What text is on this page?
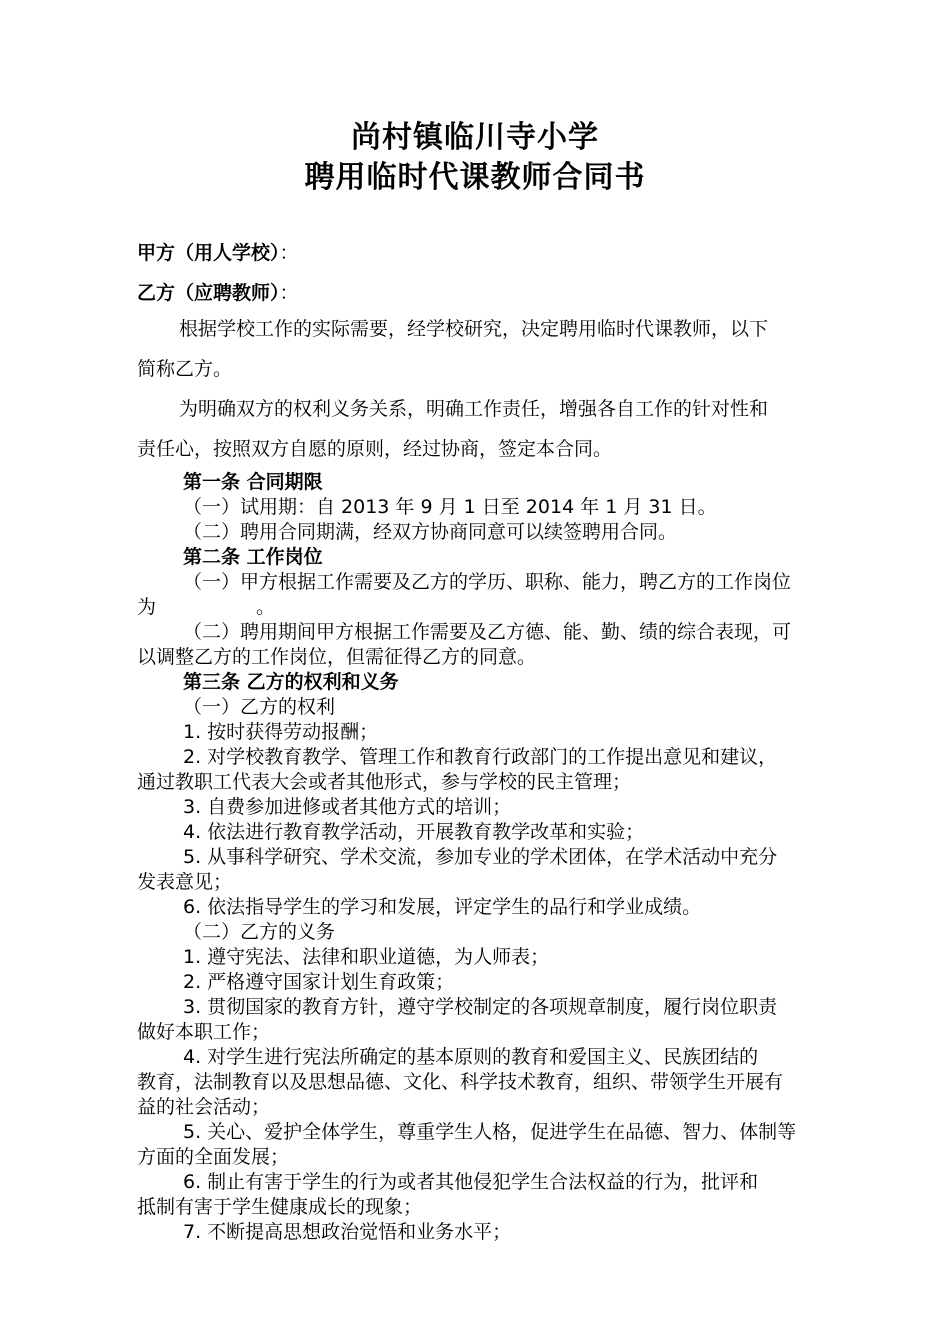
尚村镇临川寺小学
聘用临时代课教师合同书
甲方（用人学校）：
乙方（应聘教师）：
根据学校工作的实际需要，经学校研究，决定聘用临时代课教师，以下
简称乙方。
为明确双方的权利义务关系，明确工作责任，增强各自工作的针对性和
责任心，按照双方自愿的原则，经过协商，签定本合同。
第一条 合同期限
（一）试用期：自 2013 年 9 月 1 日至 2014 年 1 月 31 日。
（二）聘用合同期满，经双方协商同意可以续签聘用合同。
第二条 工作岗位
（一）甲方根据工作需要及乙方的学历、职称、能力，聘乙方的工作岗位
为	。
（二）聘用期间甲方根据工作需要及乙方德、能、勤、绩的综合表现，可
以调整乙方的工作岗位，但需征得乙方的同意。
第三条 乙方的权利和义务
（一）乙方的权利
1. 按时获得劳动报酬；
2. 对学校教育教学、管理工作和教育行政部门的工作提出意见和建议，
通过教职工代表大会或者其他形式，参与学校的民主管理；
3. 自费参加进修或者其他方式的培训；
4. 依法进行教育教学活动，开展教育教学改革和实验；
5. 从事科学研究、学术交流，参加专业的学术团体，在学术活动中充分
发表意见；
6. 依法指导学生的学习和发展，评定学生的品行和学业成绩。
（二）乙方的义务
1. 遵守宪法、法律和职业道德，为人师表；
2. 严格遵守国家计划生育政策；
3. 贯彻国家的教育方针，遵守学校制定的各项规章制度，履行岗位职责
做好本职工作；
4. 对学生进行宪法所确定的基本原则的教育和爱国主义、民族团结的
教育，法制教育以及思想品德、文化、科学技术教育，组织、带领学生开展有
益的社会活动；
5. 关心、爱护全体学生，尊重学生人格，促进学生在品德、智力、体制等
方面的全面发展；
6. 制止有害于学生的行为或者其他侵犯学生合法权益的行为，批评和
抵制有害于学生健康成长的现象；
7. 不断提高思想政治觉悟和业务水平；
